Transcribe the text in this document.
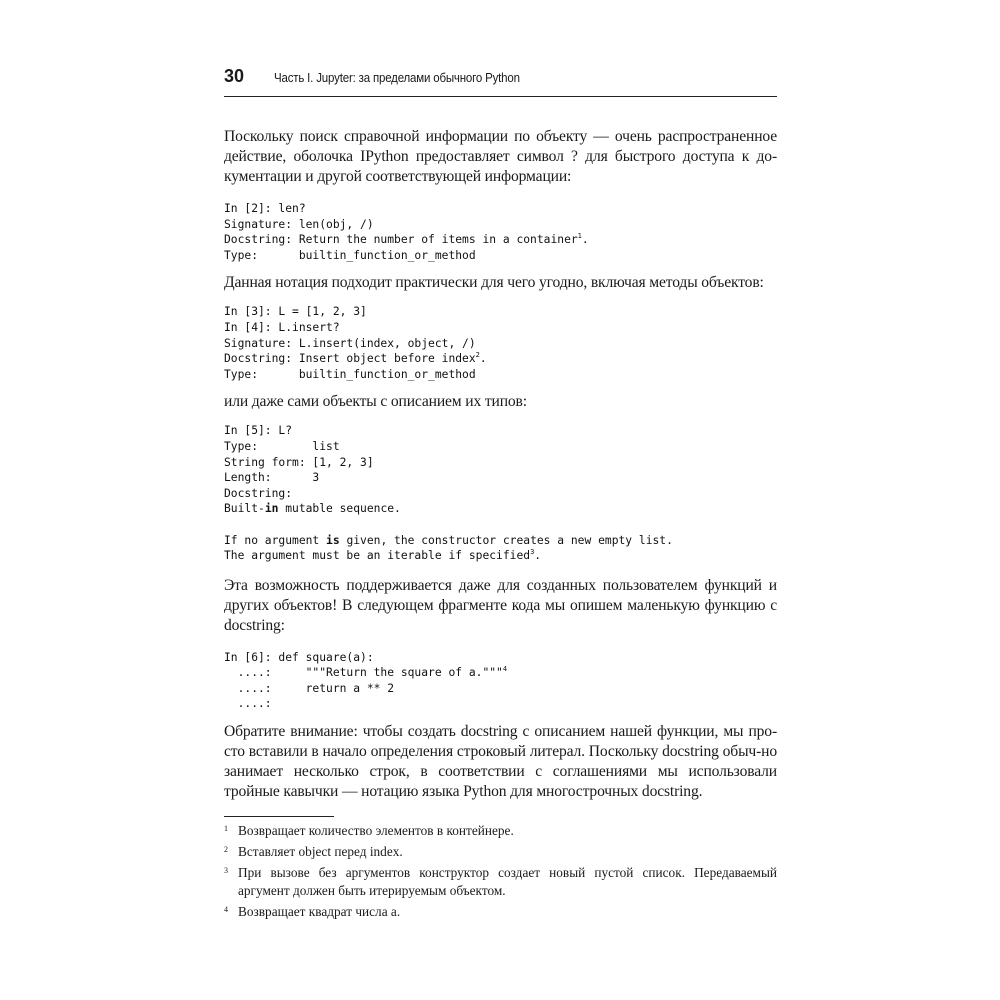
30	Часть I. Jupyter: за пределами обычного Python

Поскольку поиск справочной информации по объекту — очень распространенное действие, оболочка IPython предоставляет символ ? для быстрого доступа к до-кументации и другой соответствующей информации:

In [2]: len?
Signature: len(obj, /)
Docstring: Return the number of items in a container$^1$.
Type:      builtin_function_or_method

Данная нотация подходит практически для чего угодно, включая методы объектов:

In [3]: L = [1, 2, 3]
In [4]: L.insert?
Signature: L.insert(index, object, /)
Docstring: Insert object before index$^2$.
Type:      builtin_function_or_method

или даже сами объекты с описанием их типов:

In [5]: L?
Type:        list
String form: [1, 2, 3]
Length:      3
Docstring:
Built-in mutable sequence.

If no argument is given, the constructor creates a new empty list.
The argument must be an iterable if specified$^3$.

Эта возможность поддерживается даже для созданных пользователем функций и других объектов! В следующем фрагменте кода мы опишем маленькую функцию с docstring:

In [6]: def square(a):
....:     """Return the square of a."""$^4$
....:     return a ** 2
....:

Обратите внимание: чтобы создать docstring с описанием нашей функции, мы про-сто вставили в начало определения строковый литерал. Поскольку docstring обыч-но занимает несколько строк, в соответствии с соглашениями мы использовали тройные кавычки — нотацию языка Python для многострочных docstring.

1 Возвращает количество элементов в контейнере.
2 Вставляет object перед index.
3 При вызове без аргументов конструктор создает новый пустой список. Передаваемый аргумент должен быть итерируемым объектом.
4 Возвращает квадрат числа a.
